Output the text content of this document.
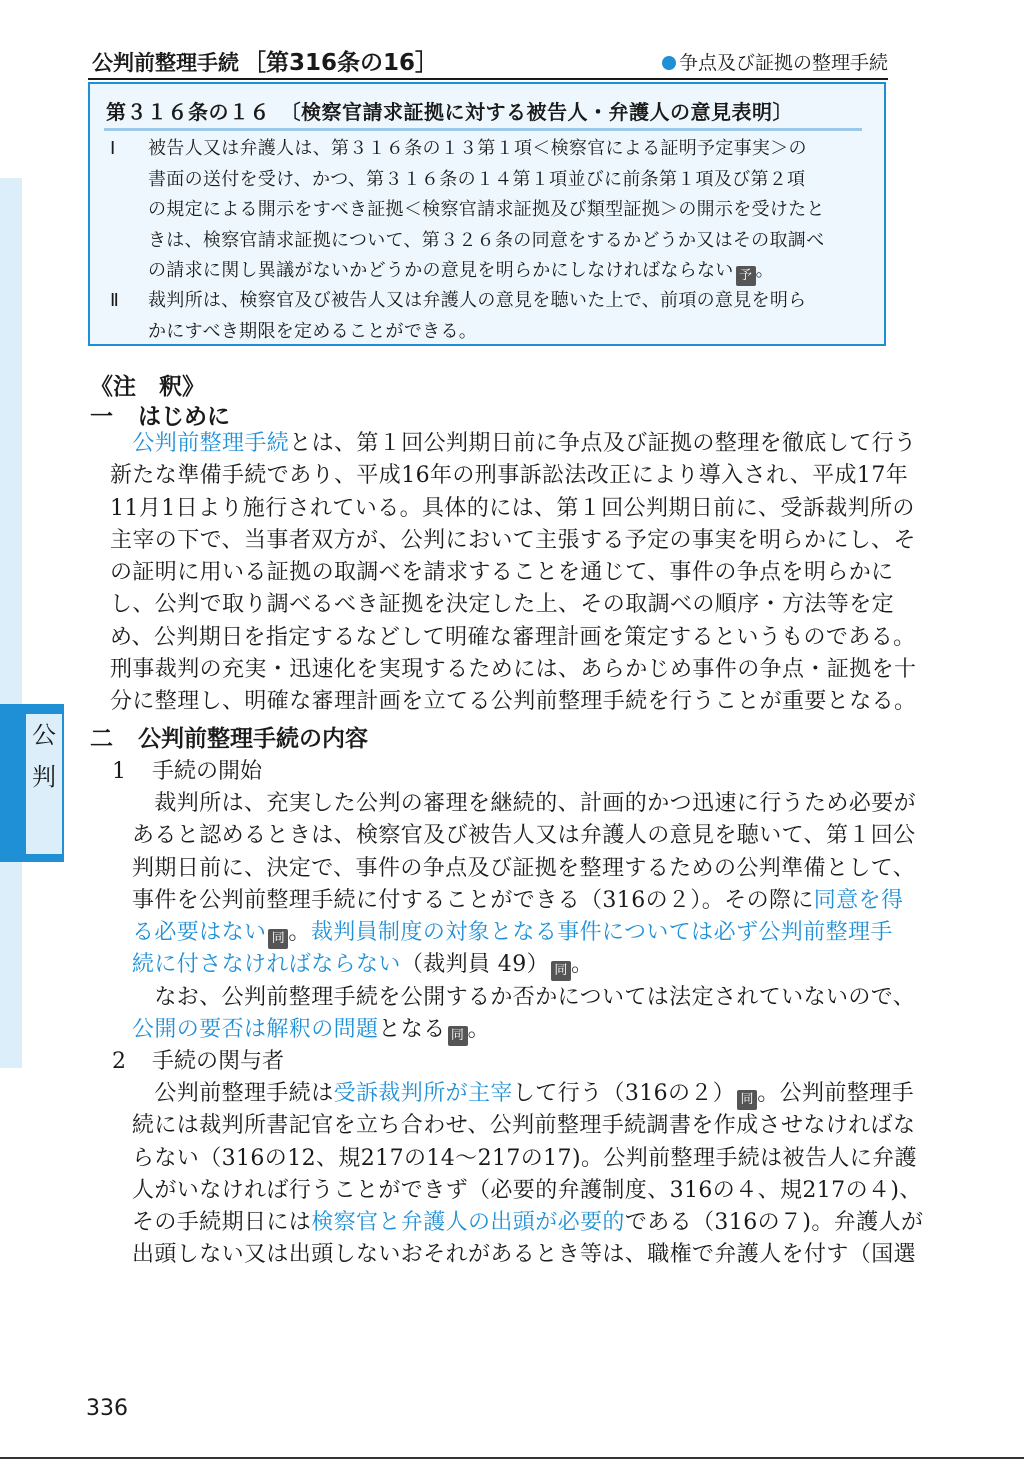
公判前整理手続 ［第316条の16］	争点及び証拠の整理手続
公
判
第３１６条の１６　〔検察官請求証拠に対する被告人・弁護人の意見表明〕
Ⅰ 被告人又は弁護人は、第３１６条の１３第１項＜検察官による証明予定事実＞の
書面の送付を受け、かつ、第３１６条の１４第１項並びに前条第１項及び第２項
の規定による開示をすべき証拠＜検察官請求証拠及び類型証拠＞の開示を受けたと
きは、検察官請求証拠について、第３２６条の同意をするかどうか又はその取調べ
の請求に関し異議がないかどうかの意見を明らかにしなければならない 予 。
Ⅱ 裁判所は、検察官及び被告人又は弁護人の意見を聴いた上で、前項の意見を明ら
かにすべき期限を定めることができる。
《注　釈》
一 はじめに
　公判前整理手続とは、第１回公判期日前に争点及び証拠の整理を徹底して行う
新たな準備手続であり、平成16年の刑事訴訟法改正により導入され、平成17年
11月1日より施行されている。具体的には、第１回公判期日前に、受訴裁判所の
主宰の下で、当事者双方が、公判において主張する予定の事実を明らかにし、そ
の証明に用いる証拠の取調べを請求することを通じて、事件の争点を明らかに
し、公判で取り調べるべき証拠を決定した上、その取調べの順序・方法等を定
め、公判期日を指定するなどして明確な審理計画を策定するというものである。
刑事裁判の充実・迅速化を実現するためには、あらかじめ事件の争点・証拠を十
分に整理し、明確な審理計画を立てる公判前整理手続を行うことが重要となる。
二 公判前整理手続の内容
1 手続の開始
　裁判所は、充実した公判の審理を継続的、計画的かつ迅速に行うため必要が
あると認めるときは、検察官及び被告人又は弁護人の意見を聴いて、第１回公
判期日前に、決定で、事件の争点及び証拠を整理するための公判準備として、
事件を公判前整理手続に付することができる（316の２）。その際に同意を得
る必要はない 同 。裁判員制度の対象となる事件については必ず公判前整理手
続に付さなければならない（裁判員 49） 同 。
　なお、公判前整理手続を公開するか否かについては法定されていないので、
公開の要否は解釈の問題となる 同 。
2 手続の関与者
　公判前整理手続は受訴裁判所が主宰して行う（316の２） 同 。公判前整理手
続には裁判所書記官を立ち合わせ、公判前整理手続調書を作成させなければな
らない（316の12、規217の14〜217の17)。公判前整理手続は被告人に弁護
人がいなければ行うことができず（必要的弁護制度、316の４、規217の４)、
その手続期日には検察官と弁護人の出頭が必要的である（316の７)。弁護人が
出頭しない又は出頭しないおそれがあるとき等は、職権で弁護人を付す（国選
336
